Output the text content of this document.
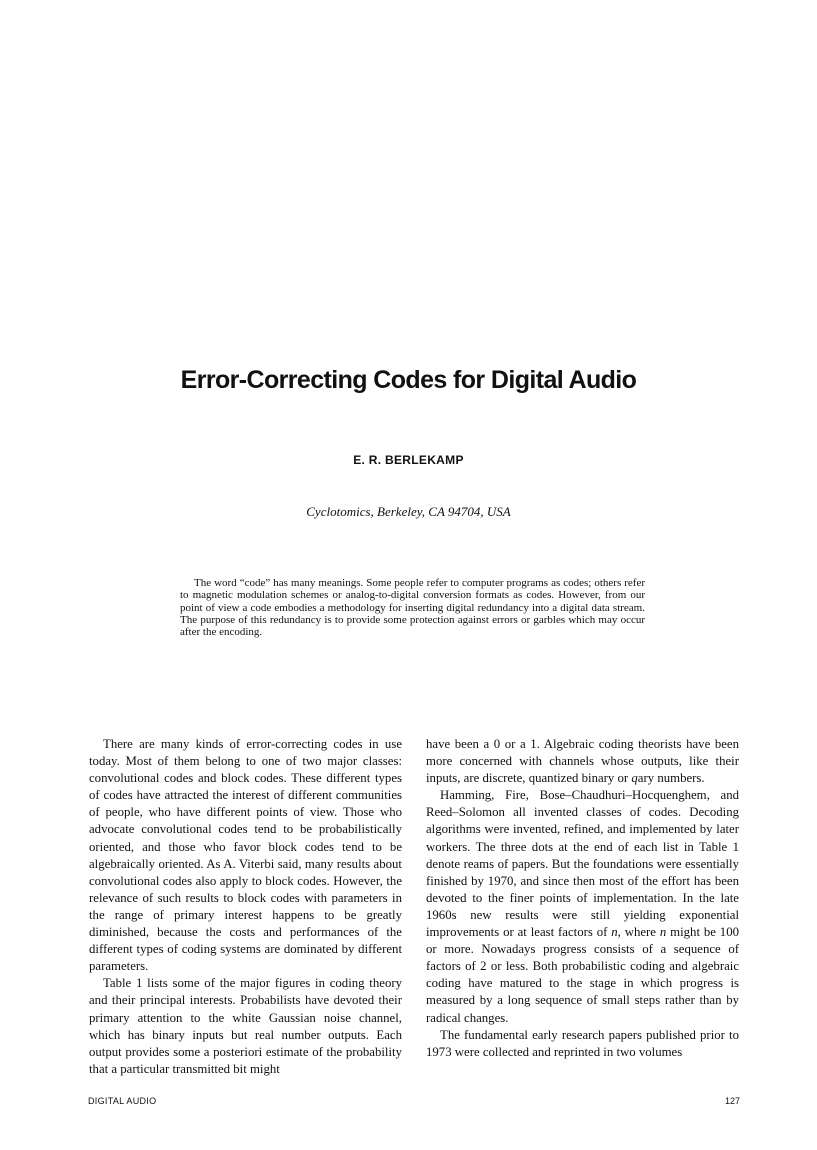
Error-Correcting Codes for Digital Audio
E. R. BERLEKAMP
Cyclotomics, Berkeley, CA 94704, USA

The word “code” has many meanings. Some people refer to computer programs as codes; others refer to magnetic modulation schemes or analog-to-digital conversion formats as codes. However, from our point of view a code embodies a methodology for inserting digital redundancy into a digital data stream. The purpose of this redundancy is to provide some protection against errors or garbles which may occur after the encoding.

There are many kinds of error-correcting codes in use today. Most of them belong to one of two major classes: convolutional codes and block codes. These different types of codes have attracted the interest of different communities of people, who have different points of view. Those who advocate convolutional codes tend to be probabilistically oriented, and those who favor block codes tend to be algebraically oriented. As A. Viterbi said, many results about convolutional codes also apply to block codes. However, the relevance of such results to block codes with parameters in the range of primary interest happens to be greatly diminished, because the costs and performances of the different types of coding systems are dominated by different parameters.

Table 1 lists some of the major figures in coding theory and their principal interests. Probabilists have devoted their primary attention to the white Gaussian noise channel, which has binary inputs but real number outputs. Each output provides some a posteriori estimate of the probability that a particular transmitted bit might

have been a 0 or a 1. Algebraic coding theorists have been more concerned with channels whose outputs, like their inputs, are discrete, quantized binary or qary numbers.

Hamming, Fire, Bose–Chaudhuri–Hocquenghem, and Reed–Solomon all invented classes of codes. Decoding algorithms were invented, refined, and implemented by later workers. The three dots at the end of each list in Table 1 denote reams of papers. But the foundations were essentially finished by 1970, and since then most of the effort has been devoted to the finer points of implementation. In the late 1960s new results were still yielding exponential improvements or at least factors of n, where n might be 100 or more. Nowadays progress consists of a sequence of factors of 2 or less. Both probabilistic coding and algebraic coding have matured to the stage in which progress is measured by a long sequence of small steps rather than by radical changes.

The fundamental early research papers published prior to 1973 were collected and reprinted in two volumes

DIGITAL AUDIO	127
